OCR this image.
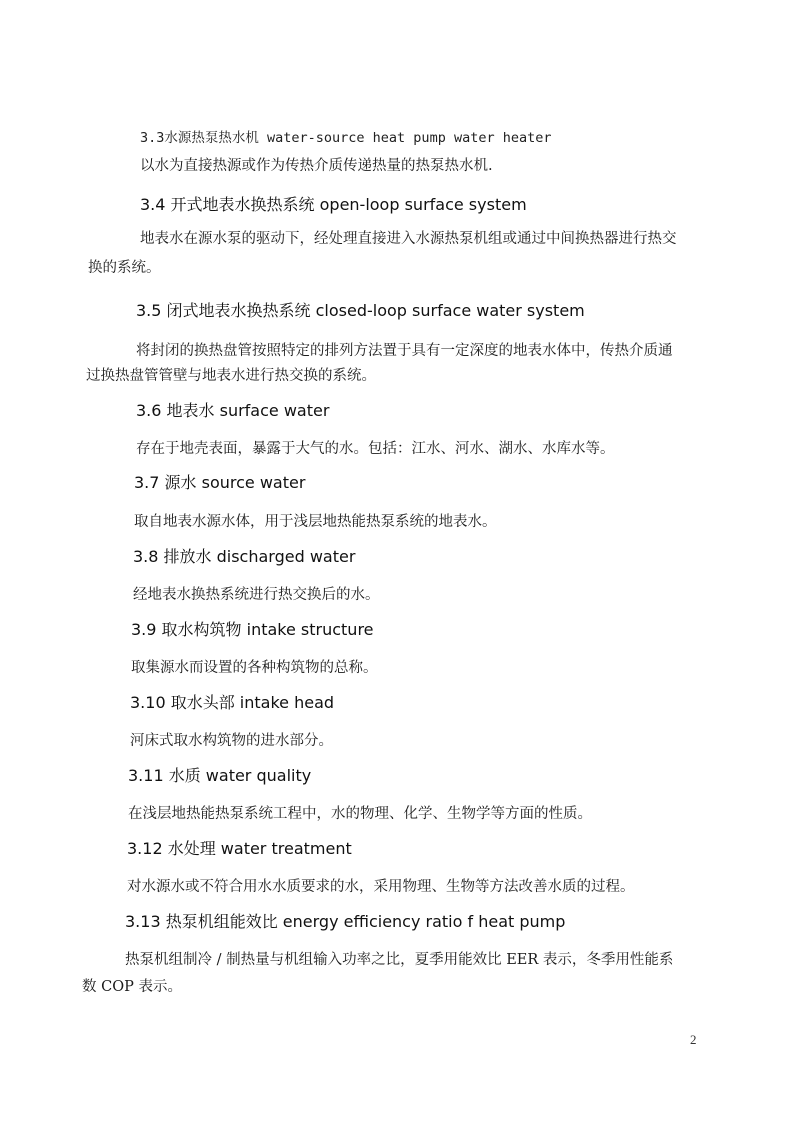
3.3水源热泵热水机 water-source heat pump water heater
以水为直接热源或作为传热介质传递热量的热泵热水机.
3.4 开式地表水换热系统 open-loop surface system
地表水在源水泵的驱动下，经处理直接进入水源热泵机组或通过中间换热器进行热交
换的系统。
3.5 闭式地表水换热系统 closed-loop surface water system
将封闭的换热盘管按照特定的排列方法置于具有一定深度的地表水体中，传热介质通
过换热盘管管壁与地表水进行热交换的系统。
3.6 地表水 surface water
存在于地壳表面，暴露于大气的水。包括：江水、河水、湖水、水库水等。
3.7 源水 source water
取自地表水源水体，用于浅层地热能热泵系统的地表水。
3.8 排放水 discharged water
经地表水换热系统进行热交换后的水。
3.9 取水构筑物 intake structure
取集源水而设置的各种构筑物的总称。
3.10 取水头部 intake head
河床式取水构筑物的进水部分。
3.11 水质 water quality
在浅层地热能热泵系统工程中，水的物理、化学、生物学等方面的性质。
3.12 水处理 water treatment
对水源水或不符合用水水质要求的水，采用物理、生物等方法改善水质的过程。
3.13 热泵机组能效比 energy efficiency ratio f heat pump
热泵机组制冷 / 制热量与机组输入功率之比，夏季用能效比 EER 表示，冬季用性能系
数 COP 表示。
2
